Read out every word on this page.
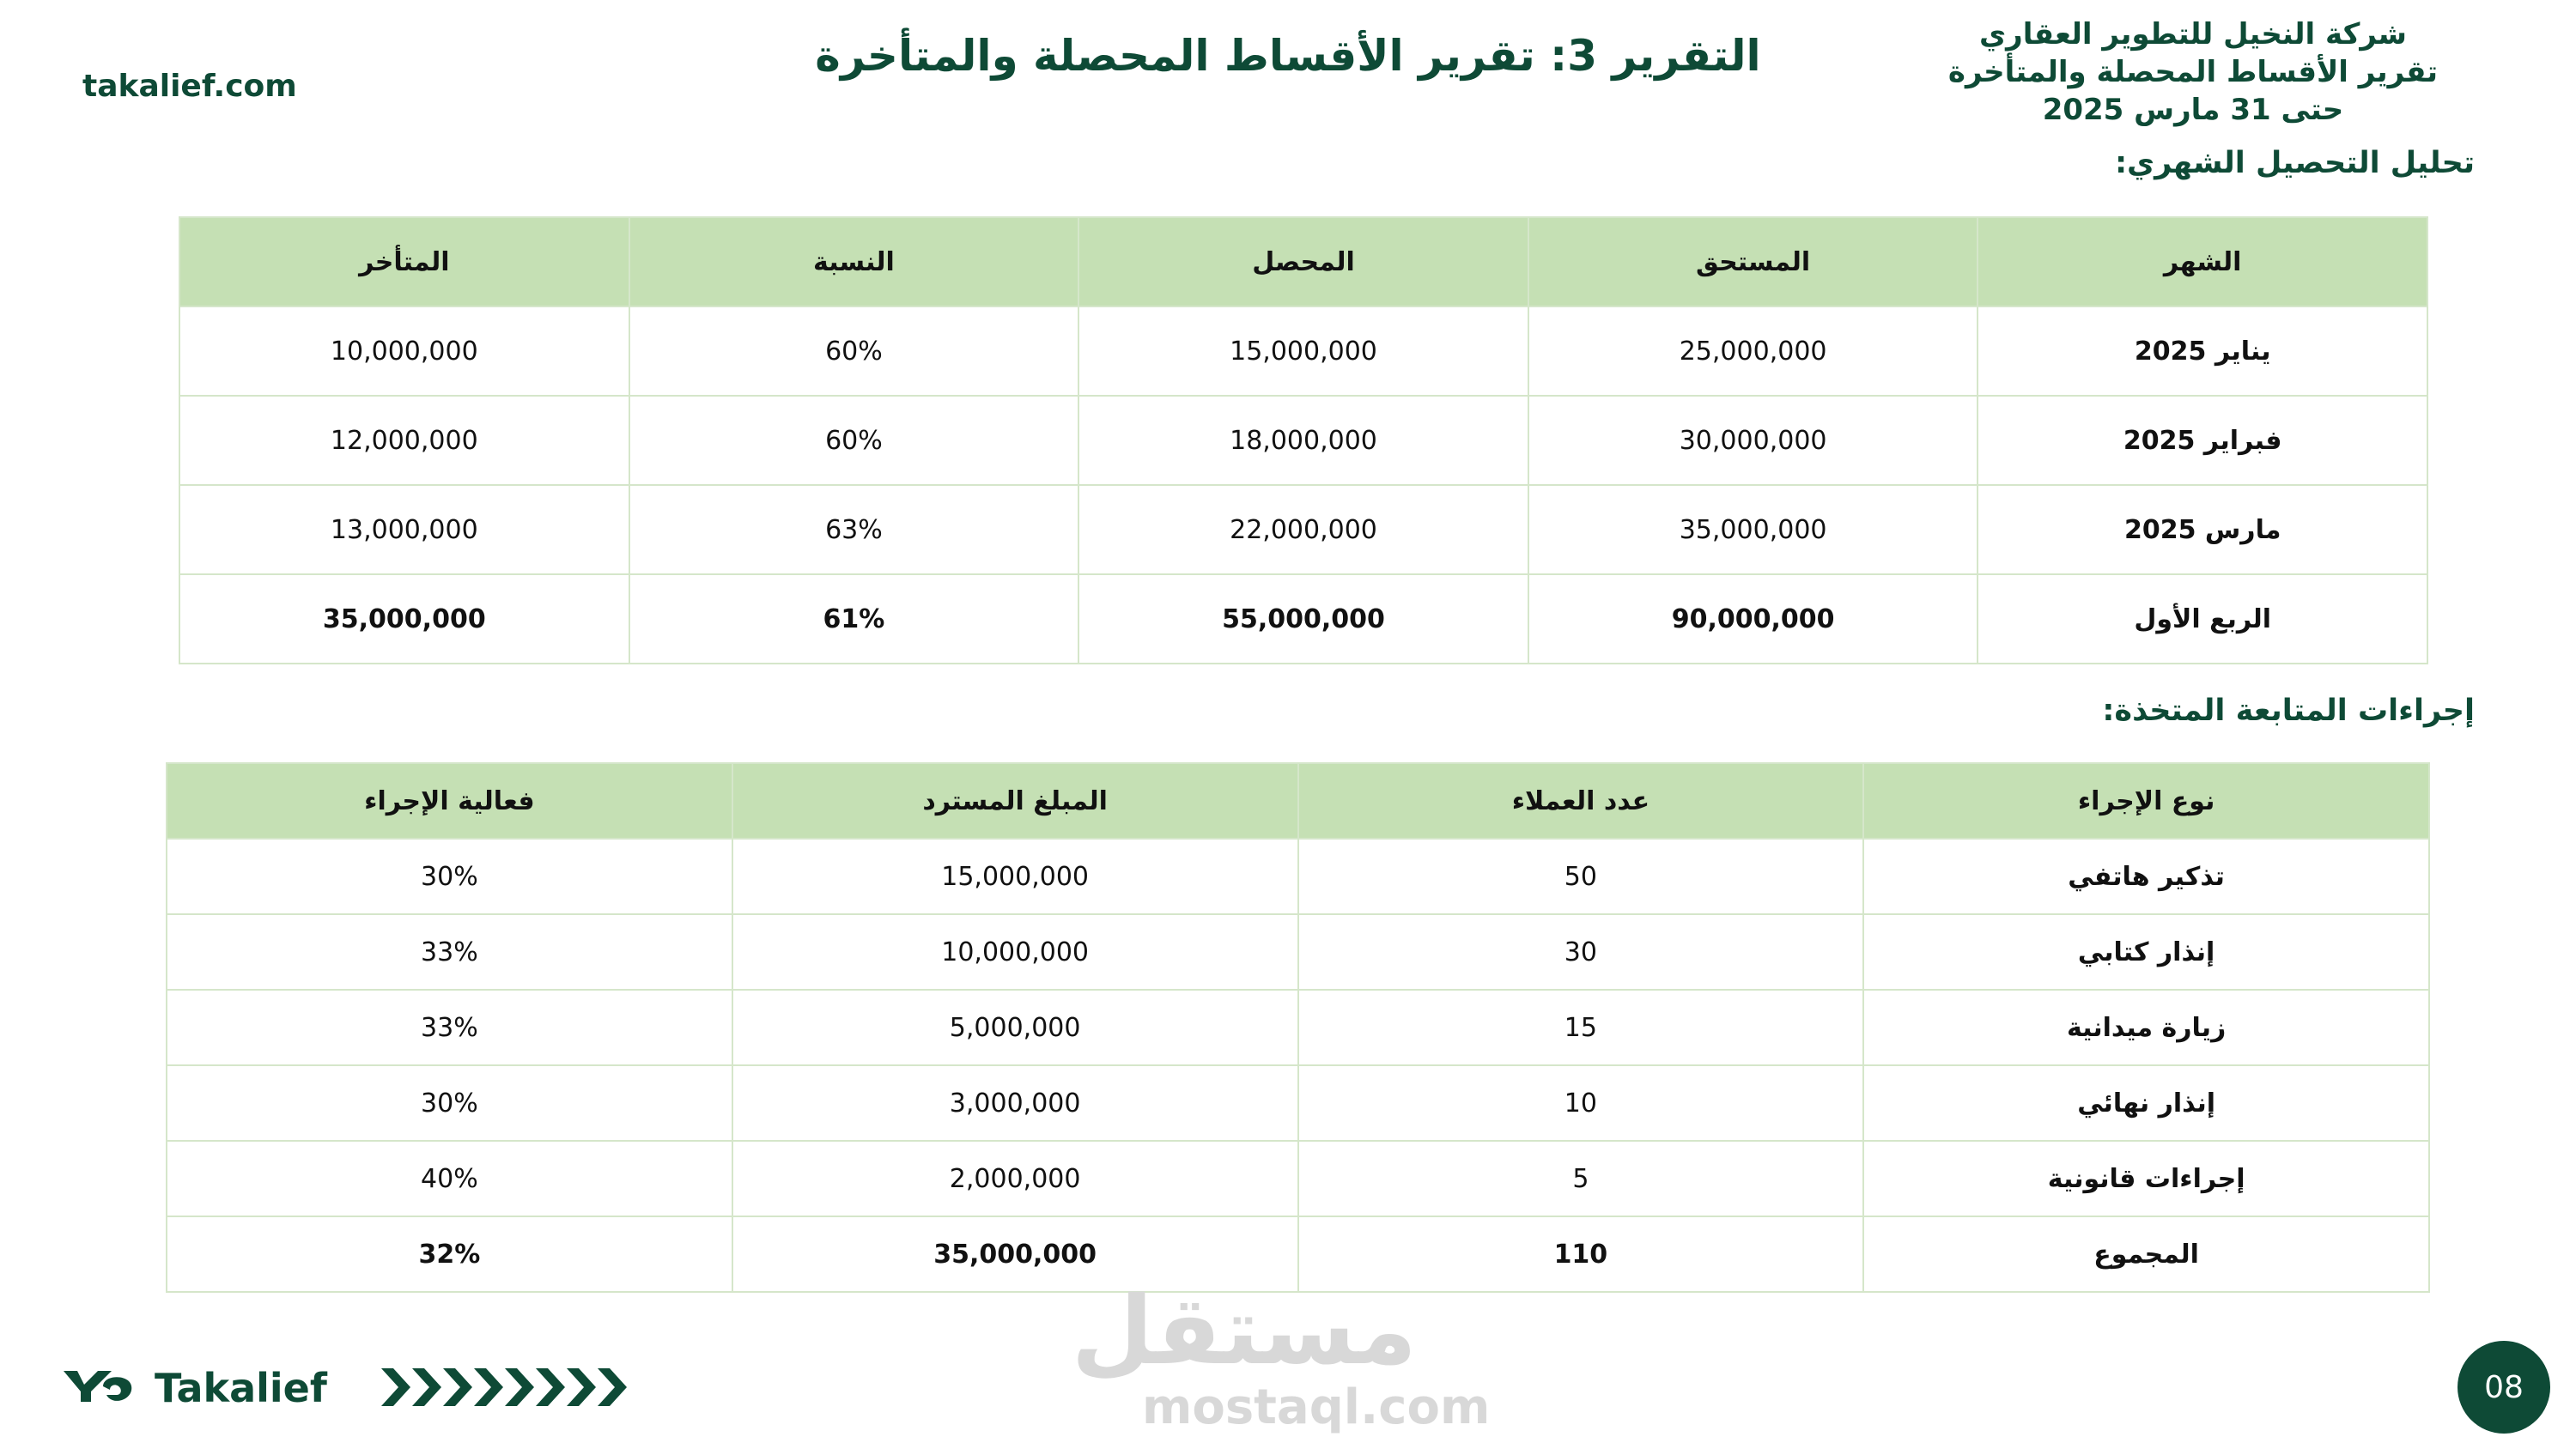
takalief.com
التقرير 3: تقرير الأقساط المحصلة والمتأخرة	شركة النخيل للتطوير العقاري
تقرير الأقساط المحصلة والمتأخرة
حتى 31 مارس 2025
تحليل التحصيل الشهري:
الشهر	المستحق	المحصل	النسبة	المتأخر
يناير 2025	25,000,000	15,000,000	60%	10,000,000
فبراير 2025	30,000,000	18,000,000	60%	12,000,000
مارس 2025	35,000,000	22,000,000	63%	13,000,000
الربع الأول	90,000,000	55,000,000	61%	35,000,000
إجراءات المتابعة المتخذة:
نوع الإجراء	عدد العملاء	المبلغ المسترد	فعالية الإجراء
تذكير هاتفي	50	15,000,000	30%
إنذار كتابي	30	10,000,000	33%
زيارة ميدانية	15	5,000,000	33%
إنذار نهائي	10	3,000,000	30%
إجراءات قانونية	5	2,000,000	40%
المجموع	110	35,000,000	32%
Takalief
مستقل
mostaql.com	08
